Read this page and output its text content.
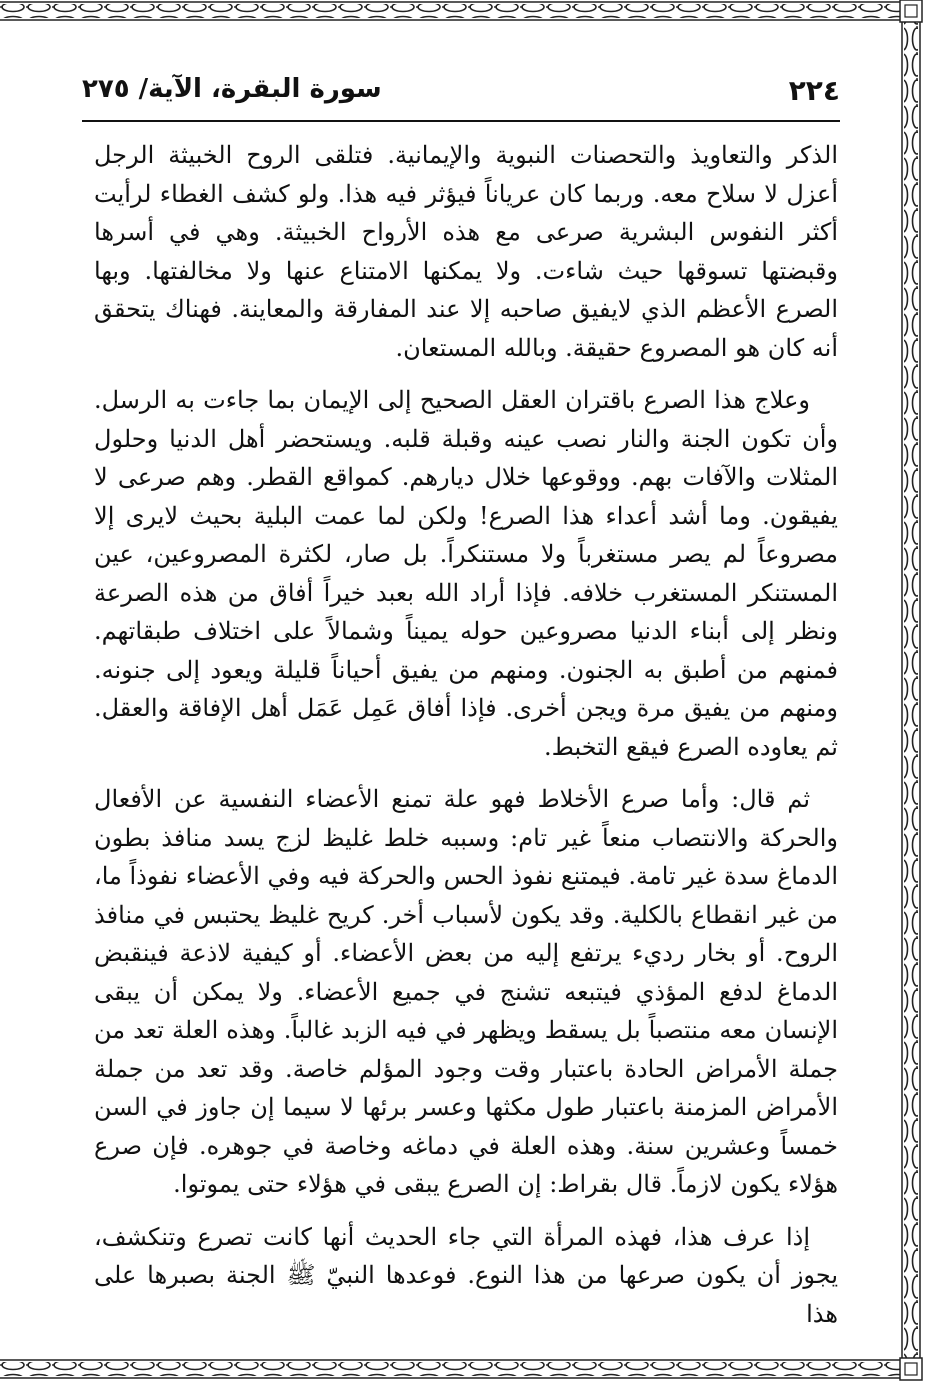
٢٢٤
سورة البقرة، الآية/ ٢٧٥

الذكر والتعاويذ والتحصنات النبوية والإيمانية. فتلقى الروح الخبيثة الرجل أعزل لا سلاح معه. وربما كان عرياناً فيؤثر فيه هذا. ولو كشف الغطاء لرأيت أكثر النفوس البشرية صرعى مع هذه الأرواح الخبيثة. وهي في أسرها وقبضتها تسوقها حيث شاءت. ولا يمكنها الامتناع عنها ولا مخالفتها. وبها الصرع الأعظم الذي لايفيق صاحبه إلا عند المفارقة والمعاينة. فهناك يتحقق أنه كان هو المصروع حقيقة. وبالله المستعان.

وعلاج هذا الصرع باقتران العقل الصحيح إلى الإيمان بما جاءت به الرسل. وأن تكون الجنة والنار نصب عينه وقبلة قلبه. ويستحضر أهل الدنيا وحلول المثلات والآفات بهم. ووقوعها خلال ديارهم. كمواقع القطر. وهم صرعى لا يفيقون. وما أشد أعداء هذا الصرع! ولكن لما عمت البلية بحيث لايرى إلا مصروعاً لم يصر مستغرباً ولا مستنكراً. بل صار، لكثرة المصروعين، عين المستنكر المستغرب خلافه. فإذا أراد الله بعبد خيراً أفاق من هذه الصرعة ونظر إلى أبناء الدنيا مصروعين حوله يميناً وشمالاً على اختلاف طبقاتهم. فمنهم من أطبق به الجنون. ومنهم من يفيق أحياناً قليلة ويعود إلى جنونه. ومنهم من يفيق مرة ويجن أخرى. فإذا أفاق عَمِل عَمَل أهل الإفاقة والعقل. ثم يعاوده الصرع فيقع التخبط.

ثم قال: وأما صرع الأخلاط فهو علة تمنع الأعضاء النفسية عن الأفعال والحركة والانتصاب منعاً غير تام: وسببه خلط غليظ لزج يسد منافذ بطون الدماغ سدة غير تامة. فيمتنع نفوذ الحس والحركة فيه وفي الأعضاء نفوذاً ما، من غير انقطاع بالكلية. وقد يكون لأسباب أخر. كريح غليظ يحتبس في منافذ الروح. أو بخار رديء يرتفع إليه من بعض الأعضاء. أو كيفية لاذعة فينقبض الدماغ لدفع المؤذي فيتبعه تشنج في جميع الأعضاء. ولا يمكن أن يبقى الإنسان معه منتصباً بل يسقط ويظهر في فيه الزبد غالباً. وهذه العلة تعد من جملة الأمراض الحادة باعتبار وقت وجود المؤلم خاصة. وقد تعد من جملة الأمراض المزمنة باعتبار طول مكثها وعسر برئها لا سيما إن جاوز في السن خمساً وعشرين سنة. وهذه العلة في دماغه وخاصة في جوهره. فإن صرع هؤلاء يكون لازماً. قال بقراط: إن الصرع يبقى في هؤلاء حتى يموتوا.

إذا عرف هذا، فهذه المرأة التي جاء الحديث أنها كانت تصرع وتنكشف، يجوز أن يكون صرعها من هذا النوع. فوعدها النبيّ ﷺ الجنة بصبرها على هذا
